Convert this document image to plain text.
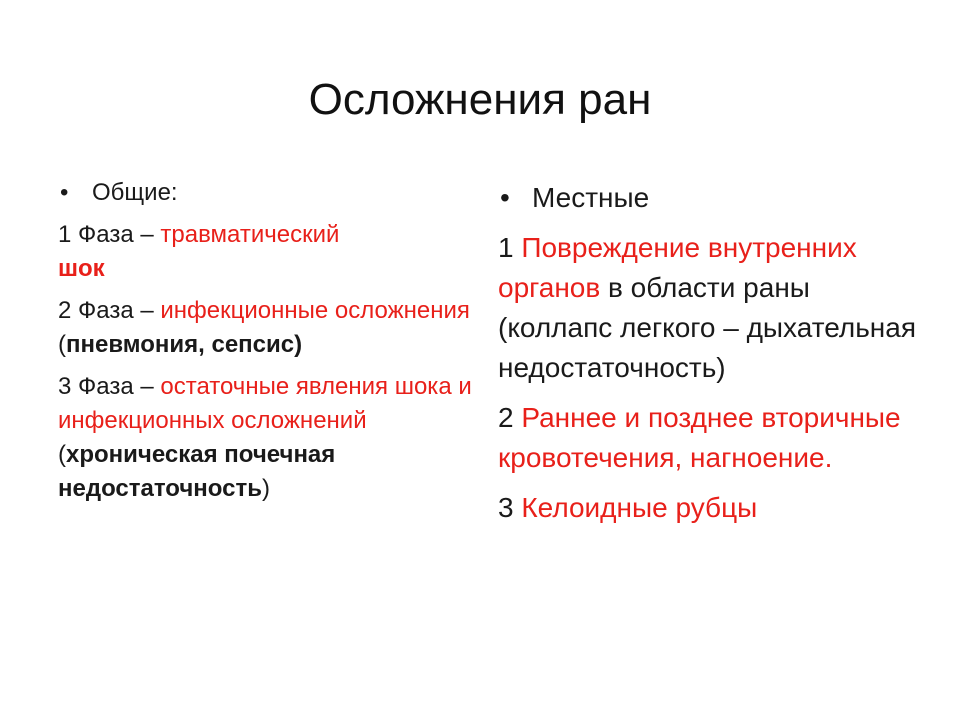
Осложнения ран
• Общие:
1 Фаза – травматический
шок
2 Фаза – инфекционные осложнения (пневмония, сепсис)
3 Фаза – остаточные явления шока и инфекционных осложнений (хроническая почечная недостаточность)
• Местные
1 Повреждение внутренних органов в области раны (коллапс легкого – дыхательная недостаточность)
2 Раннее и позднее вторичные кровотечения, нагноение.
3 Келоидные рубцы
